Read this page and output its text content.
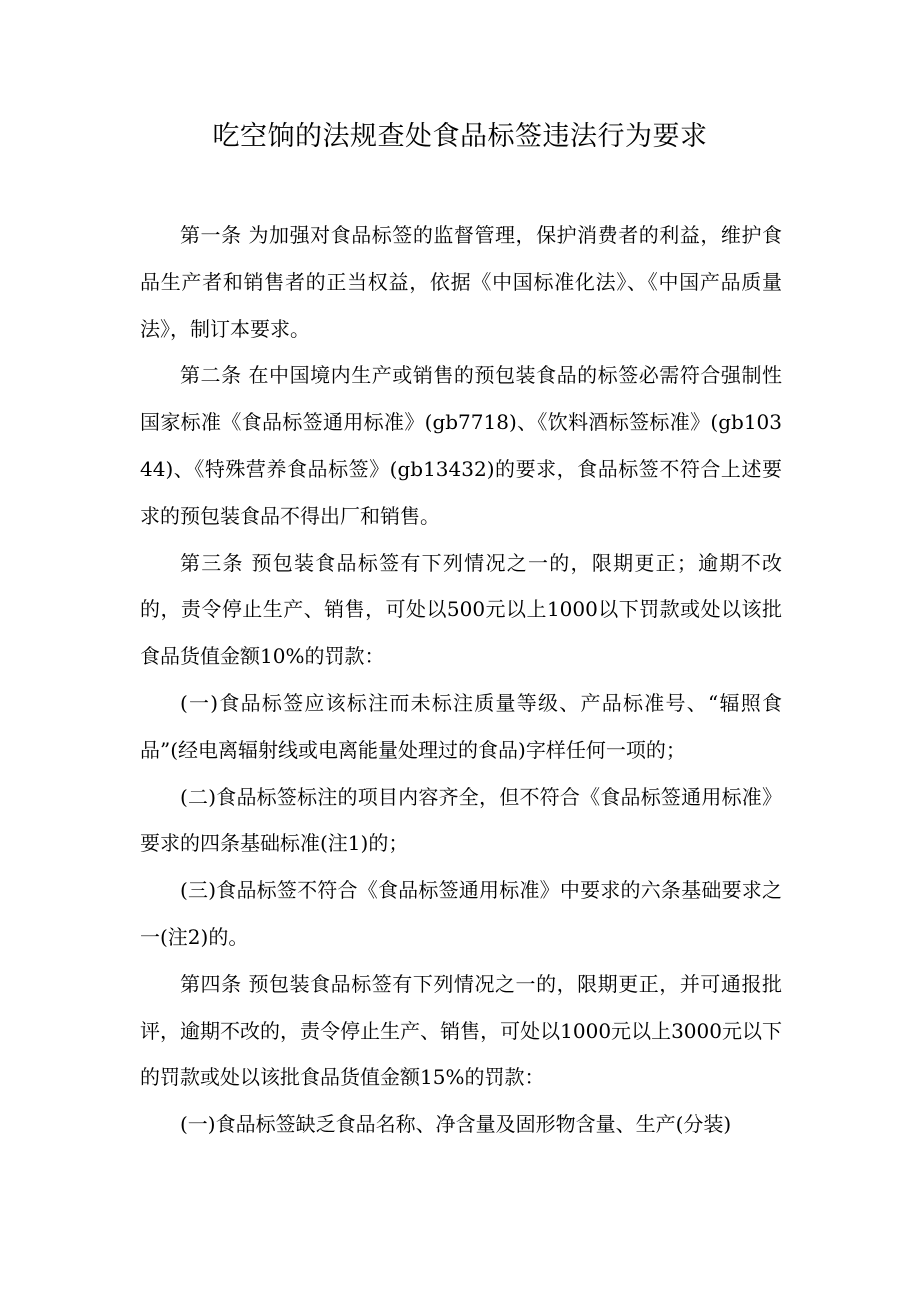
吃空饷的法规查处食品标签违法行为要求

第一条 为加强对食品标签的监督管理，保护消费者的利益，维护食品生产者和销售者的正当权益，依据《中国标准化法》、《中国产品质量法》，制订本要求。

第二条 在中国境内生产或销售的预包装食品的标签必需符合强制性国家标准《食品标签通用标准》(gb7718)、《饮料酒标签标准》(gb10344)、《特殊营养食品标签》(gb13432)的要求，食品标签不符合上述要求的预包装食品不得出厂和销售。

第三条 预包装食品标签有下列情况之一的，限期更正；逾期不改的，责令停止生产、销售，可处以500元以上1000以下罚款或处以该批食品货值金额10%的罚款：

(一)食品标签应该标注而未标注质量等级、产品标准号、“辐照食品”(经电离辐射线或电离能量处理过的食品)字样任何一项的；

(二)食品标签标注的项目内容齐全，但不符合《食品标签通用标准》要求的四条基础标准(注1)的；

(三)食品标签不符合《食品标签通用标准》中要求的六条基础要求之一(注2)的。

第四条 预包装食品标签有下列情况之一的，限期更正，并可通报批评，逾期不改的，责令停止生产、销售，可处以1000元以上3000元以下的罚款或处以该批食品货值金额15%的罚款：

(一)食品标签缺乏食品名称、净含量及固形物含量、生产(分装)
